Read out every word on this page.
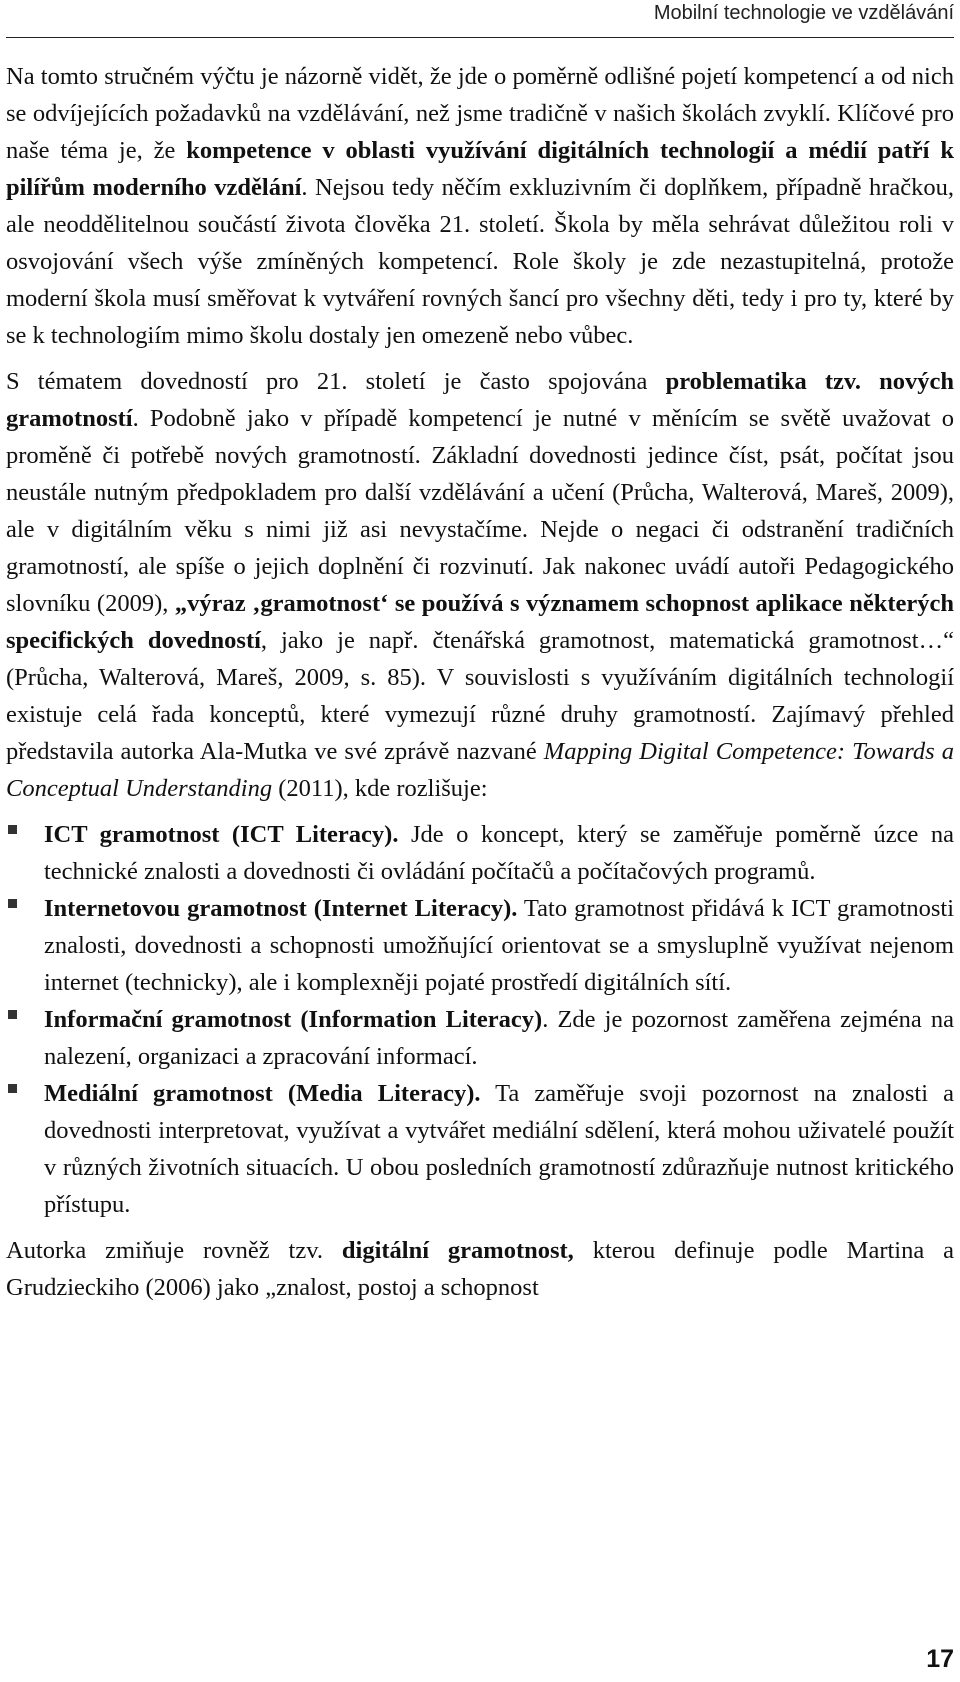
Mobilní technologie ve vzdělávání

Na tomto stručném výčtu je názorně vidět, že jde o poměrně odlišné pojetí kompetencí a od nich se odvíjejících požadavků na vzdělávání, než jsme tradičně v našich školách zvyklí. Klíčové pro naše téma je, že kompetence v oblasti využívání digitálních technologií a médií patří k pilířům moderního vzdělání. Nejsou tedy něčím exkluzivním či doplňkem, případně hračkou, ale neoddělitelnou součástí života člověka 21. století. Škola by měla sehrávat důležitou roli v osvojování všech výše zmíněných kompetencí. Role školy je zde nezastupitelná, protože moderní škola musí směřovat k vytváření rovných šancí pro všechny děti, tedy i pro ty, které by se k technologiím mimo školu dostaly jen omezeně nebo vůbec.

S tématem dovedností pro 21. století je často spojována problematika tzv. nových gramotností. Podobně jako v případě kompetencí je nutné v měnícím se světě uvažovat o proměně či potřebě nových gramotností. Základní dovednosti jedince číst, psát, počítat jsou neustále nutným předpokladem pro další vzdělávání a učení (Průcha, Walterová, Mareš, 2009), ale v digitálním věku s nimi již asi nevystačíme. Nejde o negaci či odstranění tradičních gramotností, ale spíše o jejich doplnění či rozvinutí. Jak nakonec uvádí autoři Pedagogického slovníku (2009), „výraz ‚gramotnost‘ se používá s významem schopnost aplikace některých specifických dovedností, jako je např. čtenářská gramotnost, matematická gramotnost…“ (Průcha, Walterová, Mareš, 2009, s. 85). V souvislosti s využíváním digitálních technologií existuje celá řada konceptů, které vymezují různé druhy gramotností. Zajímavý přehled představila autorka Ala-Mutka ve své zprávě nazvané Mapping Digital Competence: Towards a Conceptual Understanding (2011), kde rozlišuje:

ICT gramotnost (ICT Literacy). Jde o koncept, který se zaměřuje poměrně úzce na technické znalosti a dovednosti či ovládání počítačů a počítačových programů.
Internetovou gramotnost (Internet Literacy). Tato gramotnost přidává k ICT gramotnosti znalosti, dovednosti a schopnosti umožňující orientovat se a smysluplně využívat nejenom internet (technicky), ale i komplexněji pojaté prostředí digitálních sítí.
Informační gramotnost (Information Literacy). Zde je pozornost zaměřena zejména na nalezení, organizaci a zpracování informací.
Mediální gramotnost (Media Literacy). Ta zaměřuje svoji pozornost na znalosti a dovednosti interpretovat, využívat a vytvářet mediální sdělení, která mohou uživatelé použít v různých životních situacích. U obou posledních gramotností zdůrazňuje nutnost kritického přístupu.

Autorka zmiňuje rovněž tzv. digitální gramotnost, kterou definuje podle Martina a Grudzieckiho (2006) jako „znalost, postoj a schopnost

17
